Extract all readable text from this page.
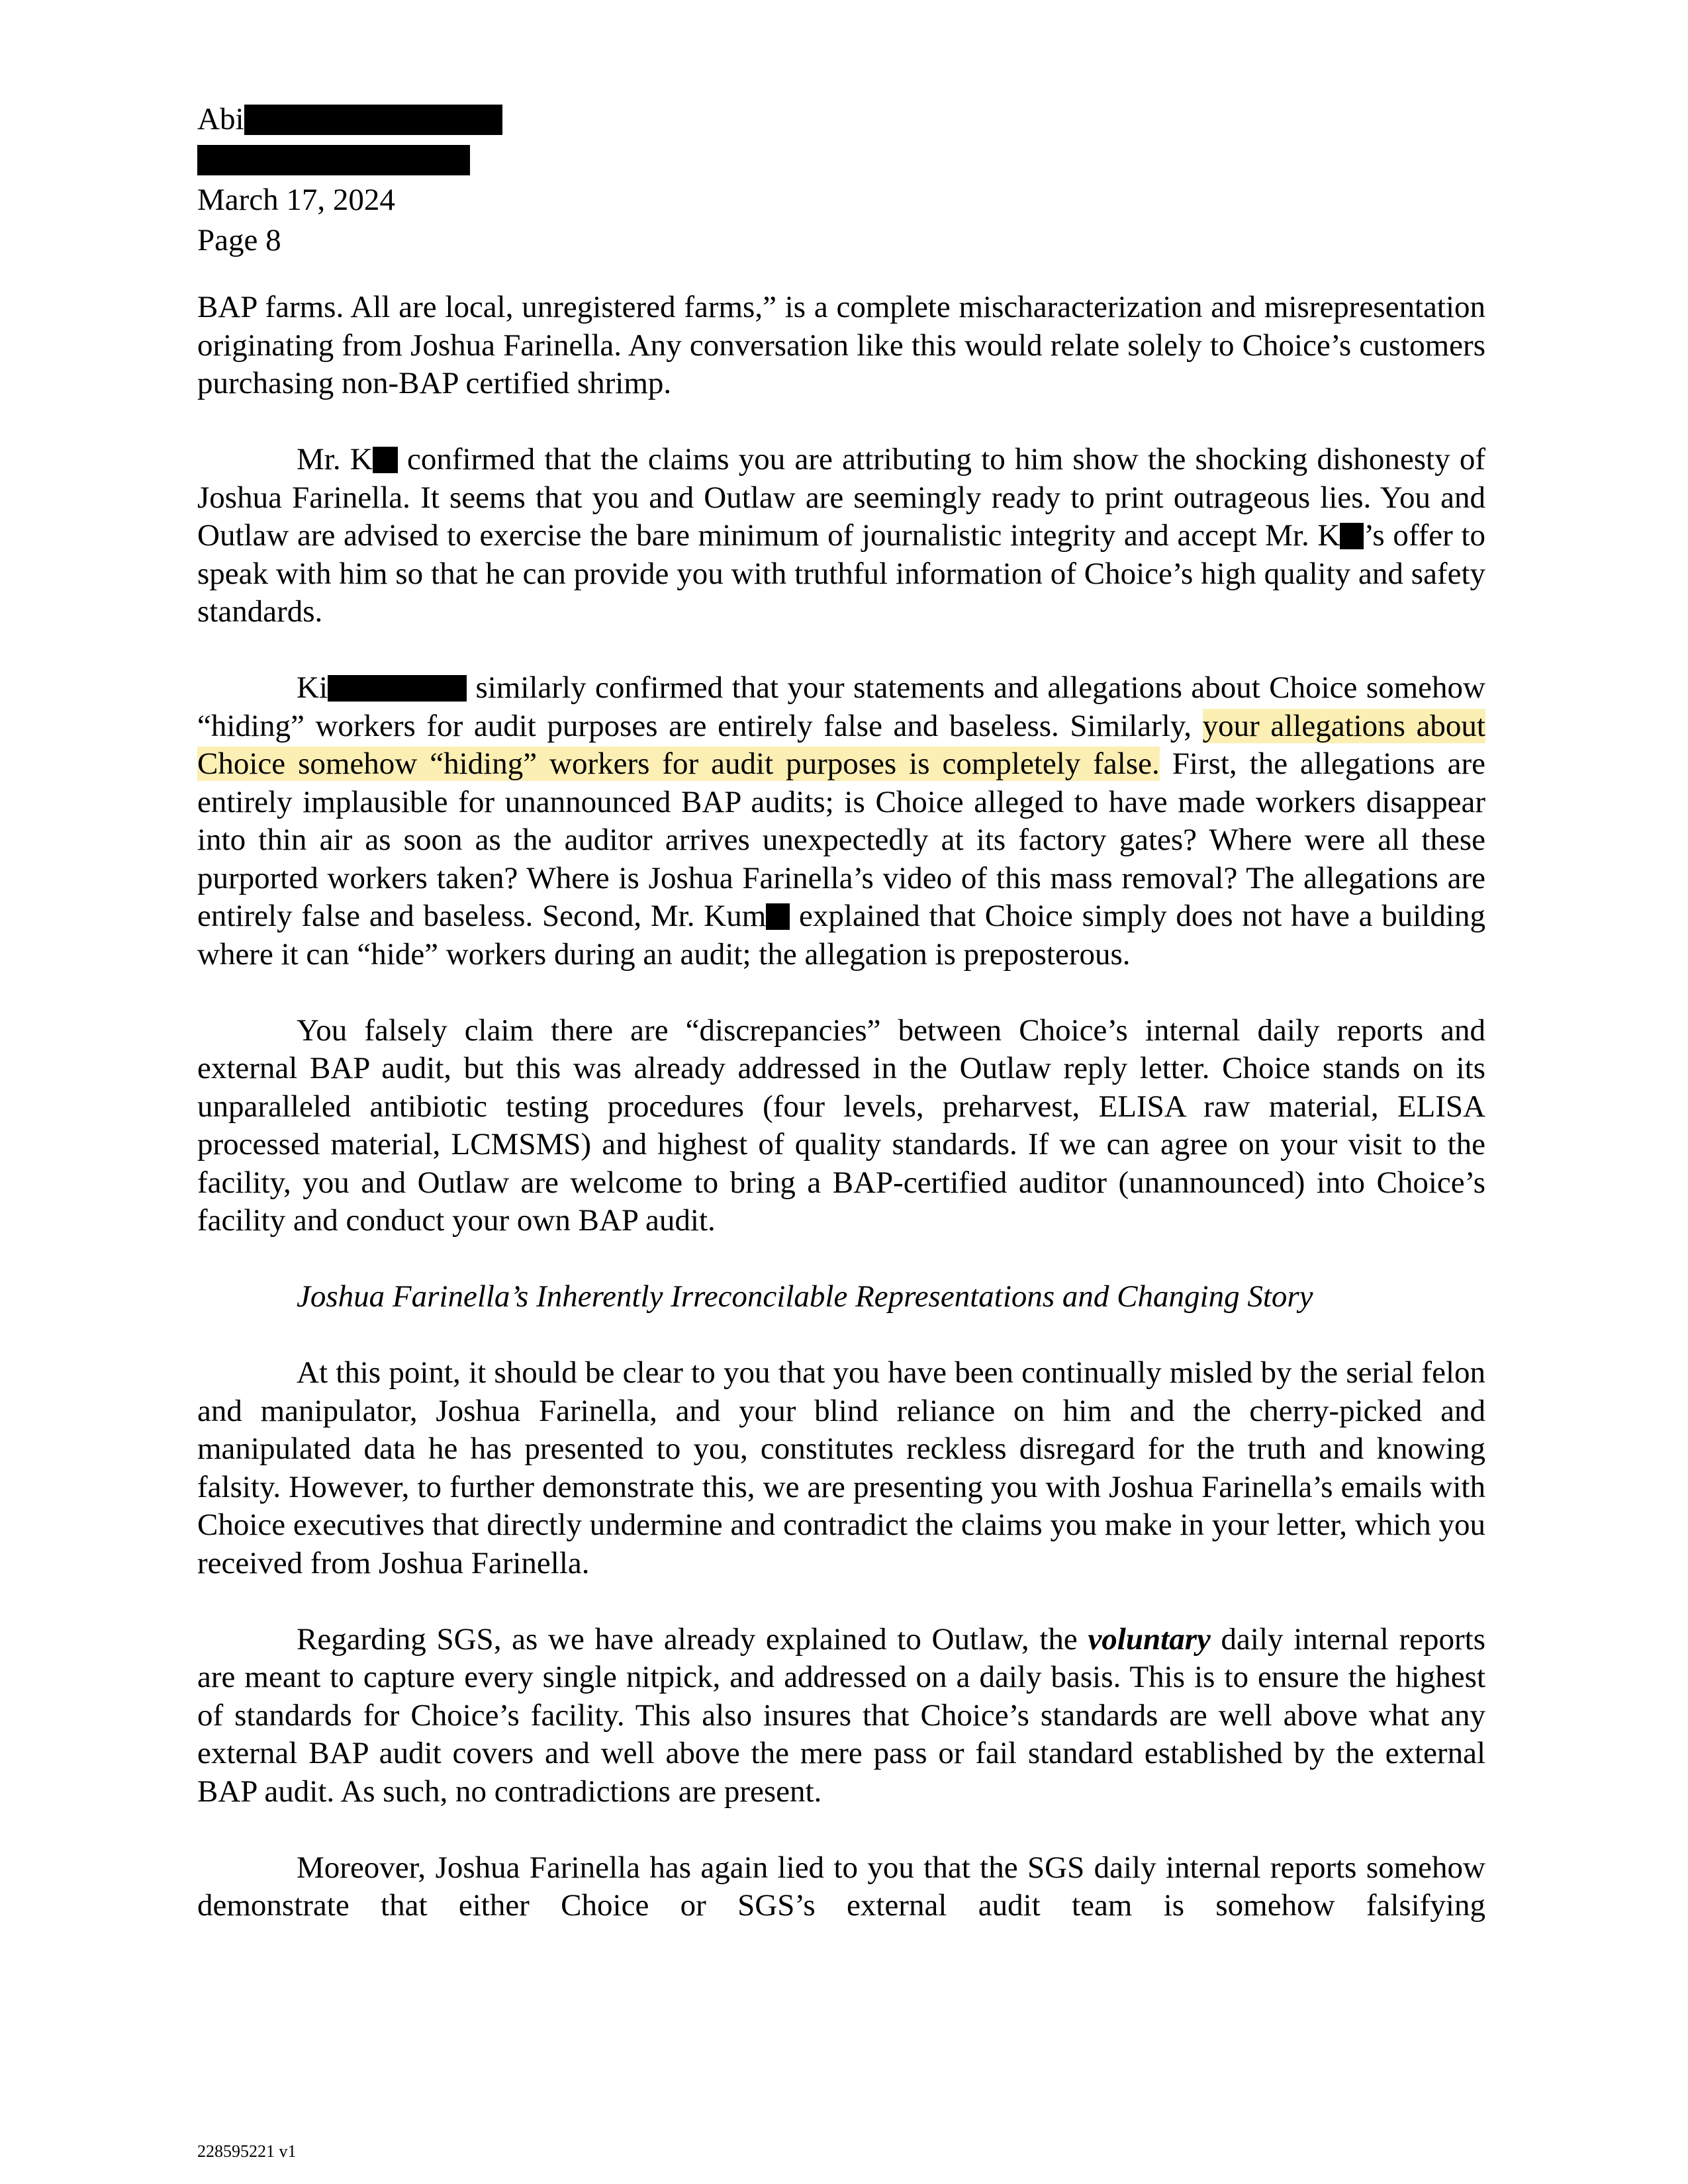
Abi
March 17, 2024
Page 8

BAP farms. All are local, unregistered farms,” is a complete mischaracterization and misrepresentation originating from Joshua Farinella. Any conversation like this would relate solely to Choice’s customers purchasing non-BAP certified shrimp.

Mr. K confirmed that the claims you are attributing to him show the shocking dishonesty of Joshua Farinella. It seems that you and Outlaw are seemingly ready to print outrageous lies. You and Outlaw are advised to exercise the bare minimum of journalistic integrity and accept Mr. K ’s offer to speak with him so that he can provide you with truthful information of Choice’s high quality and safety standards.

Ki	similarly confirmed that your statements and allegations about Choice somehow “hiding” workers for audit purposes are entirely false and baseless. Similarly, your allegations about Choice somehow “hiding” workers for audit purposes is completely false. First, the allegations are entirely implausible for unannounced BAP audits; is Choice alleged to have made workers disappear into thin air as soon as the auditor arrives unexpectedly at its factory gates? Where were all these purported workers taken? Where is Joshua Farinella’s video of this mass removal? The allegations are entirely false and baseless. Second, Mr. Kum explained that Choice simply does not have a building where it can “hide” workers during an audit; the allegation is preposterous.

You falsely claim there are “discrepancies” between Choice’s internal daily reports and external BAP audit, but this was already addressed in the Outlaw reply letter. Choice stands on its unparalleled antibiotic testing procedures (four levels, preharvest, ELISA raw material, ELISA processed material, LCMSMS) and highest of quality standards. If we can agree on your visit to the facility, you and Outlaw are welcome to bring a BAP-certified auditor (unannounced) into Choice’s facility and conduct your own BAP audit.

Joshua Farinella’s Inherently Irreconcilable Representations and Changing Story

At this point, it should be clear to you that you have been continually misled by the serial felon and manipulator, Joshua Farinella, and your blind reliance on him and the cherry-picked and manipulated data he has presented to you, constitutes reckless disregard for the truth and knowing falsity. However, to further demonstrate this, we are presenting you with Joshua Farinella’s emails with Choice executives that directly undermine and contradict the claims you make in your letter, which you received from Joshua Farinella.

Regarding SGS, as we have already explained to Outlaw, the voluntary daily internal reports are meant to capture every single nitpick, and addressed on a daily basis. This is to ensure the highest of standards for Choice’s facility. This also insures that Choice’s standards are well above what any external BAP audit covers and well above the mere pass or fail standard established by the external BAP audit. As such, no contradictions are present.

Moreover, Joshua Farinella has again lied to you that the SGS daily internal reports somehow demonstrate that either Choice or SGS’s external audit team is somehow falsifying

228595221 v1
